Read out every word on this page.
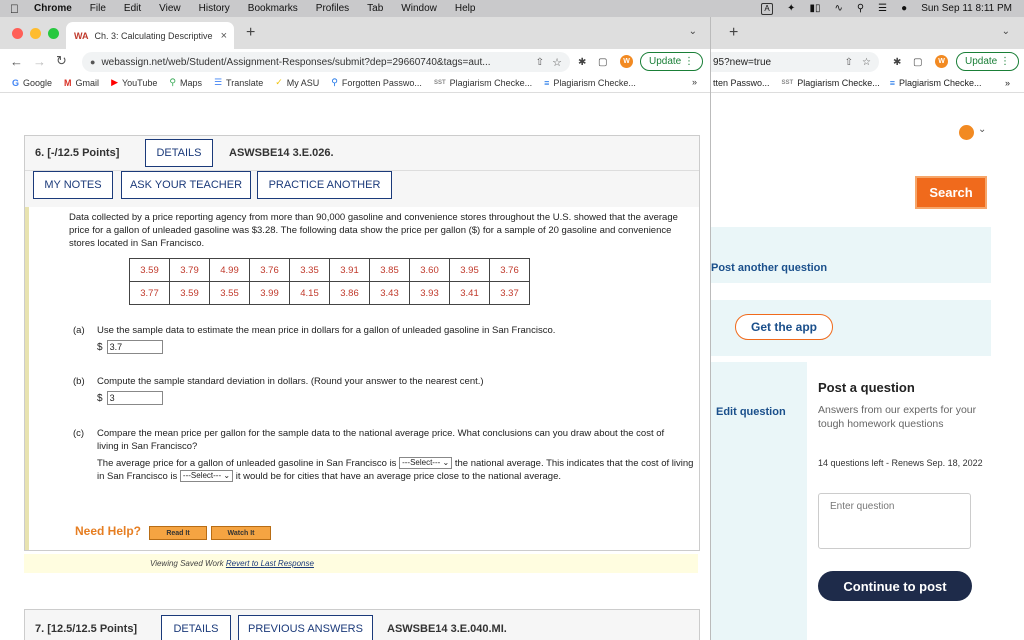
Chrome File Edit View History Bookmarks Profiles Tab Window Help	A	✦ ▮▯ ∿ ⚲ ☰ ● Sun Sep 11 8:11 PM
WA Ch. 3: Calculating Descriptive × +	⌄
← → ↻	● webassign.net/web/Student/Assignment-Responses/submit?dep=29660740&tags=aut...	⇧ ☆ ✱ ▢	W	Update ⋮
G Google M Gmail ▶ YouTube ⚲ Maps ☰ Translate ✓ My ASU ⚲ Forgotten Passwo... SST Plagiarism Checke... ≡ Plagiarism Checke...	»
6. [-/12.5 Points]	DETAILS ASWSBE14 3.E.026.
MY NOTES	ASK YOUR TEACHER PRACTICE ANOTHER

Data collected by a price reporting agency from more than 90,000 gasoline and convenience stores throughout the U.S. showed that the average price for a gallon of unleaded gasoline was $3.28. The following data show the price per gallon ($) for a sample of 20 gasoline and convenience stores located in San Francisco.

3.59	3.79	4.99	3.76	3.35	3.91	3.85	3.60	3.95	3.76
3.77	3.59	3.55	3.99	4.15	3.86	3.43	3.93	3.41	3.37
(a) Use the sample data to estimate the mean price in dollars for a gallon of unleaded gasoline in San Francisco.
$ 3.7
(b) Compute the sample standard deviation in dollars. (Round your answer to the nearest cent.)
$ 3
(c)	Compare the mean price per gallon for the sample data to the national average price. What conclusions can you draw about the cost of living in San Francisco?
The average price for a gallon of unleaded gasoline in San Francisco is ---Select--- ⌄ the national average. This indicates that the cost of living in San Francisco is ---Select--- ⌄ it would be for cities that have an average price close to the national average.
Need Help?	Read It	Watch It
Viewing Saved Work Revert to Last Response
7. [12.5/12.5 Points]	DETAILS	PREVIOUS ANSWERS ASWSBE14 3.E.040.MI.
+	⌄
95?new=true	⇧ ☆ ✱ ▢	W	Update ⋮
tten Passwo... SST Plagiarism Checke... ≡ Plagiarism Checke...	»
⌄
Search
Post another question
Get the app
Edit question
Post a question

Answers from our experts for your tough homework questions

14 questions left - Renews Sep. 18, 2022

Enter question
Continue to post
